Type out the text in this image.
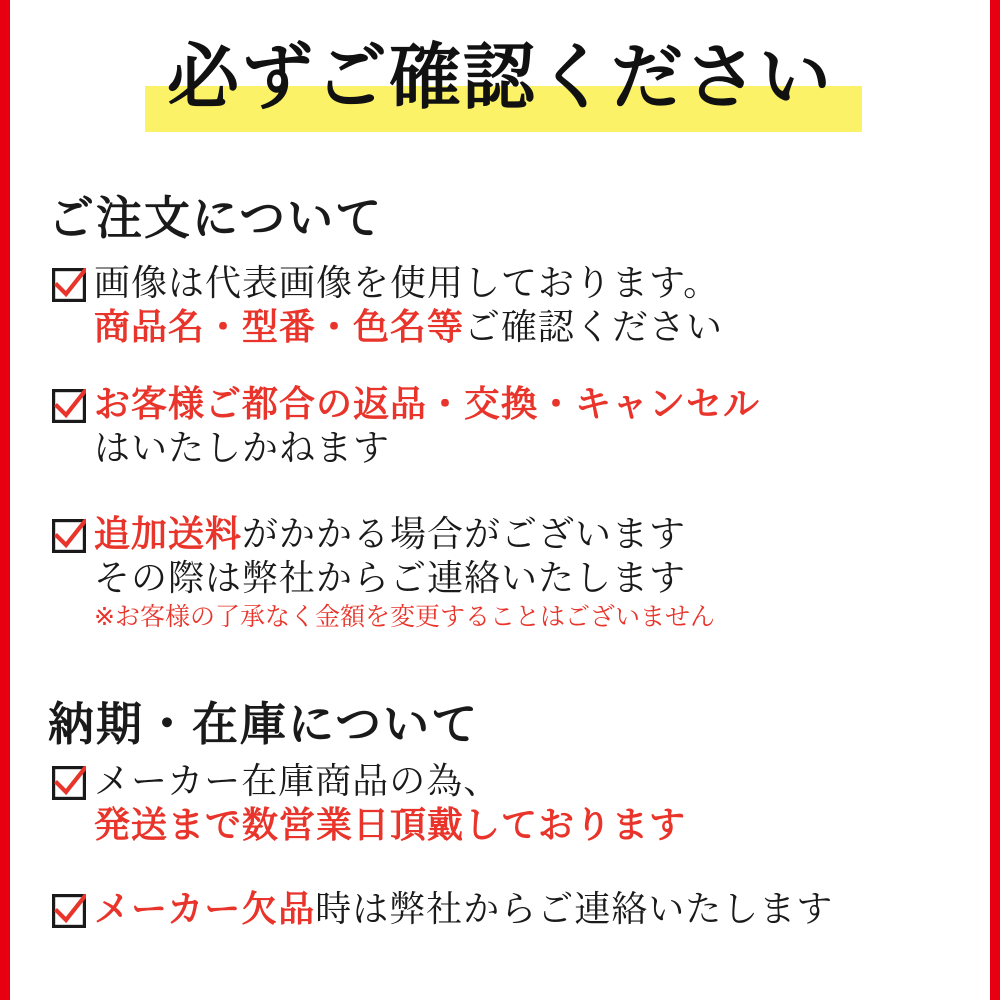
必ずご確認ください
ご注文について
画像は代表画像を使用しております。 商品名・型番・色名等ご確認ください
お客様ご都合の返品・交換・キャンセル はいたしかねます
追加送料がかかる場合がございます その際は弊社からご連絡いたします ※お客様の了承なく金額を変更することはございません
納期・在庫について
メーカー在庫商品の為、 発送まで数営業日頂戴しております
メーカー欠品時は弊社からご連絡いたします
